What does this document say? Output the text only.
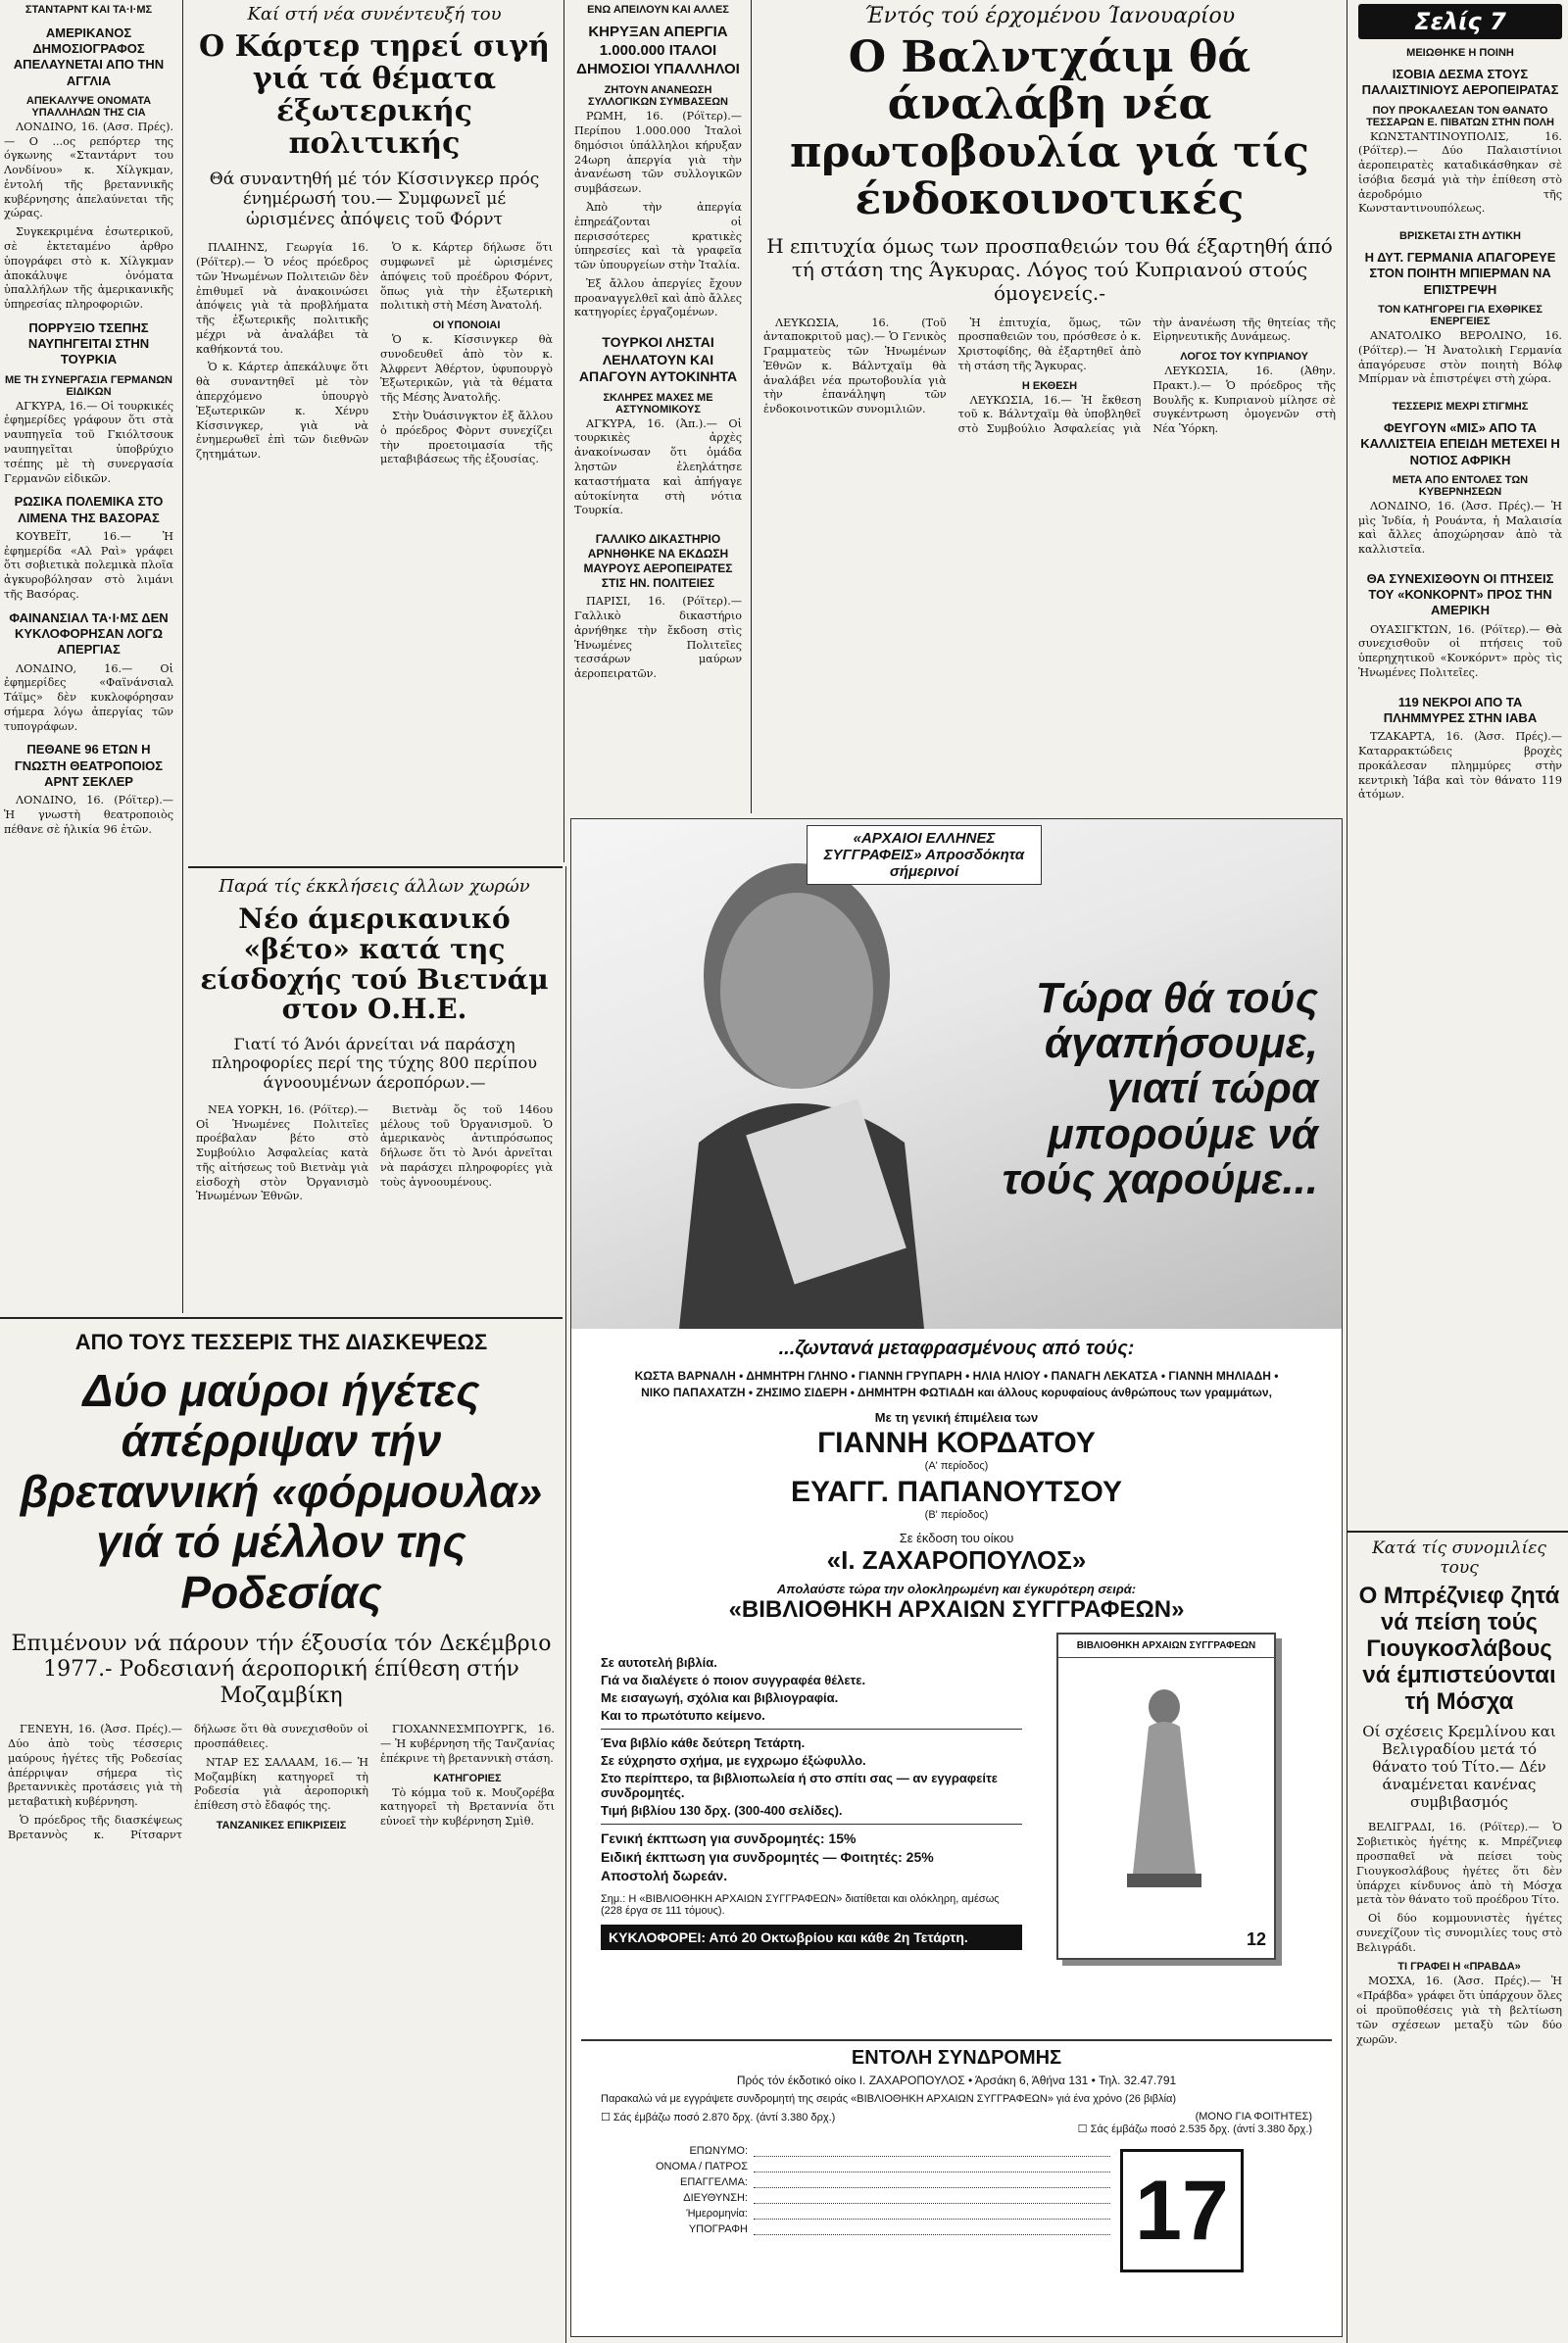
ΣΤΑΝΤΑΡΝΤ ΚΑΙ ΤΑ·Ι·ΜΣ
ΑΜΕΡΙΚΑΝΟΣ ΔΗΜΟΣΙΟΓΡΑΦΟΣ ΑΠΕΛΑΥΝΕΤΑΙ ΑΠΟ ΤΗΝ ΑΓΓΛΙΑ
ΑΠΕΚΑΛΥΨΕ ΟΝΟΜΑΤΑ ΥΠΑΛΛΗΛΩΝ ΤΗΣ CIA

ΛΟΝΔΙΝΟ, 16. (Ασσ. Πρές).— Ο ...ος ρεπόρτερ της όγκωνης «Σταντάρντ του Λονδίνου» κ. Χίλγκμαν, ἐντολή τῆς βρεταννικῆς κυβέρνησης ἀπελαύνεται τῆς χώρας.

Συγκεκριμένα ἐσωτερικοῦ, σὲ ἐκτεταμένο ἀρθρο ὑπογράφει στὸ κ. Χίλγκμαν ἀποκάλυψε ὀνόματα ὑπαλλήλων τῆς ἀμερικανικῆς ὑπηρεσίας πληροφοριῶν.

ΠΟΡΡΥΞΙΟ ΤΣΕΠΗΣ ΝΑΥΠΗΓΕΙΤΑΙ ΣΤΗΝ ΤΟΥΡΚΙΑ
ΜΕ ΤΗ ΣΥΝΕΡΓΑΣΙΑ ΓΕΡΜΑΝΩΝ ΕΙΔΙΚΩΝ

ΑΓΚΥΡΑ, 16.— Οἱ τουρκικές ἐφημερίδες γράφουν ὅτι στὰ ναυπηγεῖα τοῦ Γκιόλτσουκ ναυπηγεῖται ὑποβρύχιο τσέπης μὲ τὴ συνεργασία Γερμανῶν εἰδικῶν.

ΡΩΣΙΚΑ ΠΟΛΕΜΙΚΑ ΣΤΟ ΛΙΜΕΝΑ ΤΗΣ ΒΑΣΟΡΑΣ

ΚΟΥΒΕΪΤ, 16.— Ἡ ἐφημερίδα «Αλ Ραὶ» γράφει ὅτι σοβιετικὰ πολεμικὰ πλοῖα ἀγκυροβόλησαν στὸ λιμάνι τῆς Βασόρας.

ΦΑΙΝΑΝΣΙΑΛ ΤΑ·Ι·ΜΣ ΔΕΝ ΚΥΚΛΟΦΟΡΗΣΑΝ ΛΟΓΩ ΑΠΕΡΓΙΑΣ

ΛΟΝΔΙΝΟ, 16.— Οἱ ἐφημερίδες «Φαϊνάνσιαλ Τάϊμς» δὲν κυκλοφόρησαν σήμερα λόγω ἀπεργίας τῶν τυπογράφων.

ΠΕΘΑΝΕ 96 ΕΤΩΝ Η ΓΝΩΣΤΗ ΘΕΑΤΡΟΠΟΙΟΣ ΑΡΝΤ ΣΕΚΛΕΡ

ΛΟΝΔΙΝΟ, 16. (Ρόϊτερ).— Ἡ γνωστὴ θεατροποιὸς πέθανε σὲ ἡλικία 96 ἐτῶν.

Καί στή νέα συνέντευξή του
Ο Κάρτερ τηρεί σιγή γιά τά θέματα έξωτερικής πολιτικής
Θά συναντηθή μέ τόν Κίσσινγκερ πρός ένημέρωσή του.— Συμφωνεῖ μέ ὡρισμένες ἀπόψεις τοῦ Φόρντ

ΠΛΑΙΗΝΣ, Γεωργία 16. (Ρόϊτερ).— Ὁ νέος πρόεδρος τῶν Ἡνωμένων Πολιτειῶν δὲν ἐπιθυμεῖ νὰ ἀνακοινώσει ἀπόψεις γιὰ τὰ προβλήματα τῆς ἐξωτερικῆς πολιτικῆς μέχρι νὰ ἀναλάβει τὰ καθήκοντά του.

Ὁ κ. Κάρτερ ἀπεκάλυψε ὅτι θὰ συναντηθεῖ μὲ τὸν ἀπερχόμενο ὑπουργὸ Ἐξωτερικῶν κ. Χένρυ Κίσσινγκερ, γιὰ νὰ ἐνημερωθεῖ ἐπὶ τῶν διεθνῶν ζητημάτων.

Ὁ κ. Κάρτερ δήλωσε ὅτι συμφωνεῖ μὲ ὡρισμένες ἀπόψεις τοῦ προέδρου Φόρντ, ὅπως γιὰ τὴν ἐξωτερικὴ πολιτικὴ στὴ Μέση Ἀνατολή.

ΟΙ ΥΠΟΝΟΙΑΙ

Ὁ κ. Κίσσινγκερ θὰ συνοδευθεῖ ἀπὸ τὸν κ. Ἀλφρεντ Ἀθέρτον, ὑφυπουργὸ Ἐξωτερικῶν, γιὰ τὰ θέματα τῆς Μέσης Ἀνατολῆς.

Στὴν Ὀυάσινγκτον ἐξ ἄλλου ὁ πρόεδρος Φὸρντ συνεχίζει τὴν προετοιμασία τῆς μεταβιβάσεως τῆς ἐξουσίας.

ΕΝΩ ΑΠΕΙΛΟΥΝ ΚΑΙ ΑΛΛΕΣ
ΚΗΡΥΞΑΝ ΑΠΕΡΓΙΑ 1.000.000 ΙΤΑΛΟΙ ΔΗΜΟΣΙΟΙ ΥΠΑΛΛΗΛΟΙ
ΖΗΤΟΥΝ ΑΝΑΝΕΩΣΗ ΣΥΛΛΟΓΙΚΩΝ ΣΥΜΒΑΣΕΩΝ

ΡΩΜΗ, 16. (Ρόϊτερ).— Περίπου 1.000.000 Ἰταλοὶ δημόσιοι ὑπάλληλοι κήρυξαν 24ωρη ἀπεργία γιὰ τὴν ἀνανέωση τῶν συλλογικῶν συμβάσεων.

Ἀπὸ τὴν ἀπεργία ἐπηρεάζονται οἱ περισσότερες κρατικὲς ὑπηρεσίες καὶ τὰ γραφεῖα τῶν ὑπουργείων στὴν Ἰταλία.

Ἐξ ἄλλου ἀπεργίες ἔχουν προαναγγελθεῖ καὶ ἀπὸ ἄλλες κατηγορίες ἐργαζομένων.

ΤΟΥΡΚΟΙ ΛΗΣΤΑΙ ΛΕΗΛΑΤΟΥΝ ΚΑΙ ΑΠΑΓΟΥΝ ΑΥΤΟΚΙΝΗΤΑ
ΣΚΛΗΡΕΣ ΜΑΧΕΣ ΜΕ ΑΣΤΥΝΟΜΙΚΟΥΣ

ΑΓΚΥΡΑ, 16. (Ἀπ.).— Οἱ τουρκικὲς ἀρχὲς ἀνακοίνωσαν ὅτι ὁμάδα ληστῶν ἐλεηλάτησε καταστήματα καὶ ἀπήγαγε αὐτοκίνητα στὴ νότια Τουρκία.

ΓΑΛΛΙΚΟ ΔΙΚΑΣΤΗΡΙΟ ΑΡΝΗΘΗΚΕ ΝΑ ΕΚΔΩΣΗ ΜΑΥΡΟΥΣ ΑΕΡΟΠΕΙΡΑΤΕΣ ΣΤΙΣ ΗΝ. ΠΟΛΙΤΕΙΕΣ

ΠΑΡΙΣΙ, 16. (Ρόϊτερ).— Γαλλικὸ δικαστήριο ἀρνήθηκε τὴν ἔκδοση στὶς Ἡνωμένες Πολιτεῖες τεσσάρων μαύρων ἀεροπειρατῶν.

Έντός τού έρχομένου Ίανουαρίου
Ο Βαλντχάιμ θά άναλάβη νέα πρωτοβουλία γιά τίς ένδοκοινοτικές
Η επιτυχία όμως των προσπαθειών του θά έξαρτηθή άπό τή στάση της Άγκυρας. Λόγος τού Κυπριανού στούς όμογενείς.-

ΛΕΥΚΩΣΙΑ, 16. (Τοῦ ἀνταποκριτοῦ μας).— Ὁ Γενικὸς Γραμματεὺς τῶν Ἡνωμένων Ἐθνῶν κ. Βάλντχαϊμ θὰ ἀναλάβει νέα πρωτοβουλία γιὰ τὴν ἐπανάληψη τῶν ἐνδοκοινοτικῶν συνομιλιῶν.

Ἡ ἐπιτυχία, ὅμως, τῶν προσπαθειῶν του, πρόσθεσε ὁ κ. Χριστοφίδης, θὰ ἐξαρτηθεῖ ἀπὸ τὴ στάση τῆς Ἄγκυρας.

Η ΕΚΘΕΣΗ

ΛΕΥΚΩΣΙΑ, 16.— Ἡ ἔκθεση τοῦ κ. Βάλντχαϊμ θὰ ὑποβληθεῖ στὸ Συμβούλιο Ἀσφαλείας γιὰ τὴν ἀνανέωση τῆς θητείας τῆς Εἰρηνευτικῆς Δυνάμεως.

ΛΟΓΟΣ ΤΟΥ ΚΥΠΡΙΑΝΟΥ

ΛΕΥΚΩΣΙΑ, 16. (Ἀθην. Πρακτ.).— Ὁ πρόεδρος τῆς Βουλῆς κ. Κυπριανοὺ μίλησε σὲ συγκέντρωση ὁμογενῶν στὴ Νέα Ὑόρκη.

Σελίς 7
ΜΕΙΩΘΗΚΕ Η ΠΟΙΝΗ
ΙΣΟΒΙΑ ΔΕΣΜΑ ΣΤΟΥΣ ΠΑΛΑΙΣΤΙΝΙΟΥΣ ΑΕΡΟΠΕΙΡΑΤΑΣ
ΠΟΥ ΠΡΟΚΑΛΕΣΑΝ ΤΟΝ ΘΑΝΑΤΟ ΤΕΣΣΑΡΩΝ Ε. ΠΙΒΑΤΩΝ ΣΤΗΝ ΠΟΛΗ

ΚΩΝΣΤΑΝΤΙΝΟΥΠΟΛΙΣ, 16. (Ρόϊτερ).— Δύο Παλαιστίνιοι ἀεροπειρατὲς καταδικάσθηκαν σὲ ἰσόβια δεσμά γιὰ τὴν ἐπίθεση στὸ ἀεροδρόμιο τῆς Κωνσταντινουπόλεως.

ΒΡΙΣΚΕΤΑΙ ΣΤΗ ΔΥΤΙΚΗ
Η ΔΥΤ. ΓΕΡΜΑΝΙΑ ΑΠΑΓΟΡΕΥΕ ΣΤΟΝ ΠΟΙΗΤΗ ΜΠΙΕΡΜΑΝ ΝΑ ΕΠΙΣΤΡΕΨΗ
ΤΟΝ ΚΑΤΗΓΟΡΕΙ ΓΙΑ ΕΧΘΡΙΚΕΣ ΕΝΕΡΓΕΙΕΣ

ΑΝΑΤΟΛΙΚΟ ΒΕΡΟΛΙΝΟ, 16. (Ρόϊτερ).— Ἡ Ἀνατολικὴ Γερμανία ἀπαγόρευσε στὸν ποιητὴ Βόλφ Μπίρμαν νὰ ἐπιστρέψει στὴ χώρα.

ΤΕΣΣΕΡΙΣ ΜΕΧΡΙ ΣΤΙΓΜΗΣ
ΦΕΥΓΟΥΝ «ΜΙΣ» ΑΠΟ ΤΑ ΚΑΛΛΙΣΤΕΙΑ ΕΠΕΙΔΗ ΜΕΤΕΧΕΙ Η ΝΟΤΙΟΣ ΑΦΡΙΚΗ
ΜΕΤΑ ΑΠΟ ΕΝΤΟΛΕΣ ΤΩΝ ΚΥΒΕΡΝΗΣΕΩΝ

ΛΟΝΔΙΝΟ, 16. (Ἀσσ. Πρές).— Ἡ μὶς Ἰνδία, ἡ Ρουάντα, ἡ Μαλαισία καὶ ἄλλες ἀποχώρησαν ἀπὸ τὰ καλλιστεῖα.

ΘΑ ΣΥΝΕΧΙΣΘΟΥΝ ΟΙ ΠΤΗΣΕΙΣ ΤΟΥ «ΚΟΝΚΟΡΝΤ» ΠΡΟΣ ΤΗΝ ΑΜΕΡΙΚΗ

ΟΥΑΣΙΓΚΤΩΝ, 16. (Ρόϊτερ).— Θὰ συνεχισθοῦν οἱ πτήσεις τοῦ ὑπερηχητικοῦ «Κονκόρντ» πρὸς τὶς Ἡνωμένες Πολιτεῖες.

119 ΝΕΚΡΟΙ ΑΠΟ ΤΑ ΠΛΗΜΜΥΡΕΣ ΣΤΗΝ ΙΑΒΑ

ΤΖΑΚΑΡΤΑ, 16. (Ἀσσ. Πρές).— Καταρρακτώδεις βροχὲς προκάλεσαν πλημμύρες στὴν κεντρικὴ Ἰάβα καὶ τὸν θάνατο 119 ἀτόμων.

Παρά τίς έκκλήσεις άλλων χωρών
Νέο άμερικανικό «βέτο» κατά της είσδοχής τού Βιετνάμ στον Ο.Η.Ε.
Γιατί τό Άνόι άρνείται νά παράσχη πληροφορίες περί της τύχης 800 περίπου άγνοουμένων άεροπόρων.—

ΝΕΑ ΥΟΡΚΗ, 16. (Ρόϊτερ).— Οἱ Ἡνωμένες Πολιτεῖες προέβαλαν βέτο στὸ Συμβούλιο Ἀσφαλείας κατὰ τῆς αἰτήσεως τοῦ Βιετνὰμ γιὰ εἰσδοχὴ στὸν Ὀργανισμὸ Ἡνωμένων Ἐθνῶν.

Βιετνὰμ ὅς τοῦ 146ου μέλους τοῦ Ὀργανισμοῦ. Ὁ ἀμερικανὸς ἀντιπρόσωπος δήλωσε ὅτι τὸ Ἀνόι ἀρνεῖται νὰ παράσχει πληροφορίες γιὰ τοὺς ἀγνοουμένους.

ΑΠΟ ΤΟΥΣ ΤΕΣΣΕΡΙΣ ΤΗΣ ΔΙΑΣΚΕΨΕΩΣ
Δύο μαύροι ήγέτες άπέρριψαν τήν βρεταννική «φόρμουλα» γιά τό μέλλον της Ροδεσίας
Επιμένουν νά πάρουν τήν έξουσία τόν Δεκέμβριο 1977.- Ροδεσιανή άεροπορική έπίθεση στήν Μοζαμβίκη

ΓΕΝΕΥΗ, 16. (Ἀσσ. Πρές).— Δύο ἀπὸ τοὺς τέσσερις μαύρους ἡγέτες τῆς Ροδεσίας ἀπέρριψαν σήμερα τὶς βρεταννικὲς προτάσεις γιὰ τὴ μεταβατικὴ κυβέρνηση.

Ὁ πρόεδρος τῆς διασκέψεως Βρεταννὸς κ. Ρίτσαρντ δήλωσε ὅτι θὰ συνεχισθοῦν οἱ προσπάθειες.

ΝΤΑΡ ΕΣ ΣΑΛΑΑΜ, 16.— Ἡ Μοζαμβίκη κατηγορεῖ τὴ Ροδεσία γιὰ ἀεροπορικὴ ἐπίθεση στὸ ἔδαφός της.

ΤΑΝΖΑΝΙΚΕΣ ΕΠΙΚΡΙΣΕΙΣ

ΓΙΟΧΑΝΝΕΣΜΠΟΥΡΓΚ, 16.— Ἡ κυβέρνηση τῆς Τανζανίας ἐπέκρινε τὴ βρεταννικὴ στάση.

ΚΑΤΗΓΟΡΙΕΣ

Τὸ κόμμα τοῦ κ. Μουζορέβα κατηγορεῖ τὴ Βρεταννία ὅτι εὐνοεῖ τὴν κυβέρνηση Σμὶθ.

«ΑΡΧΑΙΟΙ ΕΛΛΗΝΕΣ ΣΥΓΓΡΑΦΕΙΣ» Απροσδόκητα σήμερινοί
Τώρα θά τούς άγαπήσουμε, γιατί τώρα μπορούμε νά τούς χαρούμε...
...ζωντανά μεταφρασμένους από τούς:
ΚΩΣΤΑ ΒΑΡΝΑΛΗ • ΔΗΜΗΤΡΗ ΓΛΗΝΟ • ΓΙΑΝΝΗ ΓΡΥΠΑΡΗ • ΗΛΙΑ ΗΛΙΟΥ • ΠΑΝΑΓΗ ΛΕΚΑΤΣΑ • ΓΙΑΝΝΗ ΜΗΛΙΑΔΗ • ΝΙΚΟ ΠΑΠΑΧΑΤΖΗ • ΖΗΣΙΜΟ ΣΙΔΕΡΗ • ΔΗΜΗΤΡΗ ΦΩΤΙΑΔΗ και άλλους κορυφαίους άνθρώπους των γραμμάτων,
Με τη γενική έπιμέλεια των
ΓΙΑΝΝΗ ΚΟΡΔΑΤΟΥ
(Α' περίοδος)
ΕΥΑΓΓ. ΠΑΠΑΝΟΥΤΣΟΥ
(Β' περίοδος)
Σε έκδοση του οίκου
«Ι. ΖΑΧΑΡΟΠΟΥΛΟΣ»
Απολαύστε τώρα την ολοκληρωμένη και έγκυρότερη σειρά:
«ΒΙΒΛΙΟΘΗΚΗ ΑΡΧΑΙΩΝ ΣΥΓΓΡΑΦΕΩΝ»
Σε αυτοτελή βιβλία.
Γιά να διαλέγετε ό ποιον συγγραφέα θέλετε.
Με εισαγωγή, σχόλια και βιβλιογραφία.
Και το πρωτότυπο κείμενο.
Ένα βιβλίο κάθε δεύτερη Τετάρτη.
Σε εύχρηστο σχήμα, με εγχρωμο έξώφυλλο.
Στο περίπτερο, τα βιβλιοπωλεία ή στο σπίτι σας — αν εγγραφείτε συνδρομητές.
Τιμή βιβλίου 130 δρχ. (300-400 σελίδες).
Γενική έκπτωση για συνδρομητές: 15%
Ειδική έκπτωση για συνδρομητές — Φοιτητές: 25%
Αποστολή δωρεάν.
Σημ.: Η «ΒΙΒΛΙΟΘΗΚΗ ΑΡΧΑΙΩΝ ΣΥΓΓΡΑΦΕΩΝ» διατίθεται και ολόκληρη, αμέσως (228 έργα σε 111 τόμους).
ΚΥΚΛΟΦΟΡΕΙ: Από 20 Οκτωβρίου και κάθε 2η Τετάρτη.
ΒΙΒΛΙΟΘΗΚΗ ΑΡΧΑΙΩΝ ΣΥΓΓΡΑΦΕΩΝ
12
ΕΝΤΟΛΗ ΣΥΝΔΡΟΜΗΣ
Πρός τόν έκδοτικό οίκο Ι. ΖΑΧΑΡΟΠΟΥΛΟΣ • Άρσάκη 6, Άθήνα 131 • Τηλ. 32.47.791
Παρακαλώ νά με εγγράψετε συνδρομητή της σειράς «ΒΙΒΛΙΟΘΗΚΗ ΑΡΧΑΙΩΝ ΣΥΓΓΡΑΦΕΩΝ» γιά ένα χρόνο (26 βιβλία)
☐ Σάς έμβάζω ποσό 2.870 δρχ. (άντί 3.380 δρχ.)	(ΜΟΝΟ ΓΙΑ ΦΟΙΤΗΤΕΣ)
☐ Σάς έμβάζω ποσό 2.535 δρχ. (άντί 3.380 δρχ.)
ΕΠΩΝΥΜΟ:
ΟΝΟΜΑ / ΠΑΤΡΟΣ
ΕΠΑΓΓΕΛΜΑ:
ΔΙΕΥΘΥΝΣΗ:
Ήμερομηνία:
ΥΠΟΓΡΑΦΗ	17
Κατά τίς συνομιλίες τους
Ο Μπρέζνιεφ ζητά νά πείση τούς Γιουγκοσλάβους νά έμπιστεύονται τή Μόσχα
Οί σχέσεις Κρεμλίνου και Βελιγραδίου μετά τό θάνατο τού Τίτο.— Δέν άναμένεται κανένας συμβιβασμός

ΒΕΛΙΓΡΑΔΙ, 16. (Ρόϊτερ).— Ὁ Σοβιετικὸς ἡγέτης κ. Μπρέζνιεφ προσπαθεῖ νὰ πείσει τοὺς Γιουγκοσλάβους ἡγέτες ὅτι δὲν ὑπάρχει κίνδυνος ἀπὸ τὴ Μόσχα μετὰ τὸν θάνατο τοῦ προέδρου Τίτο.

Οἱ δύο κομμουνιστὲς ἡγέτες συνεχίζουν τὶς συνομιλίες τους στὸ Βελιγράδι.

ΤΙ ΓΡΑΦΕΙ Η «ΠΡΑΒΔΑ»

ΜΟΣΧΑ, 16. (Ἀσσ. Πρές).— Ἡ «Πράβδα» γράφει ὅτι ὑπάρχουν ὅλες οἱ προϋποθέσεις γιὰ τὴ βελτίωση τῶν σχέσεων μεταξὺ τῶν δύο χωρῶν.
